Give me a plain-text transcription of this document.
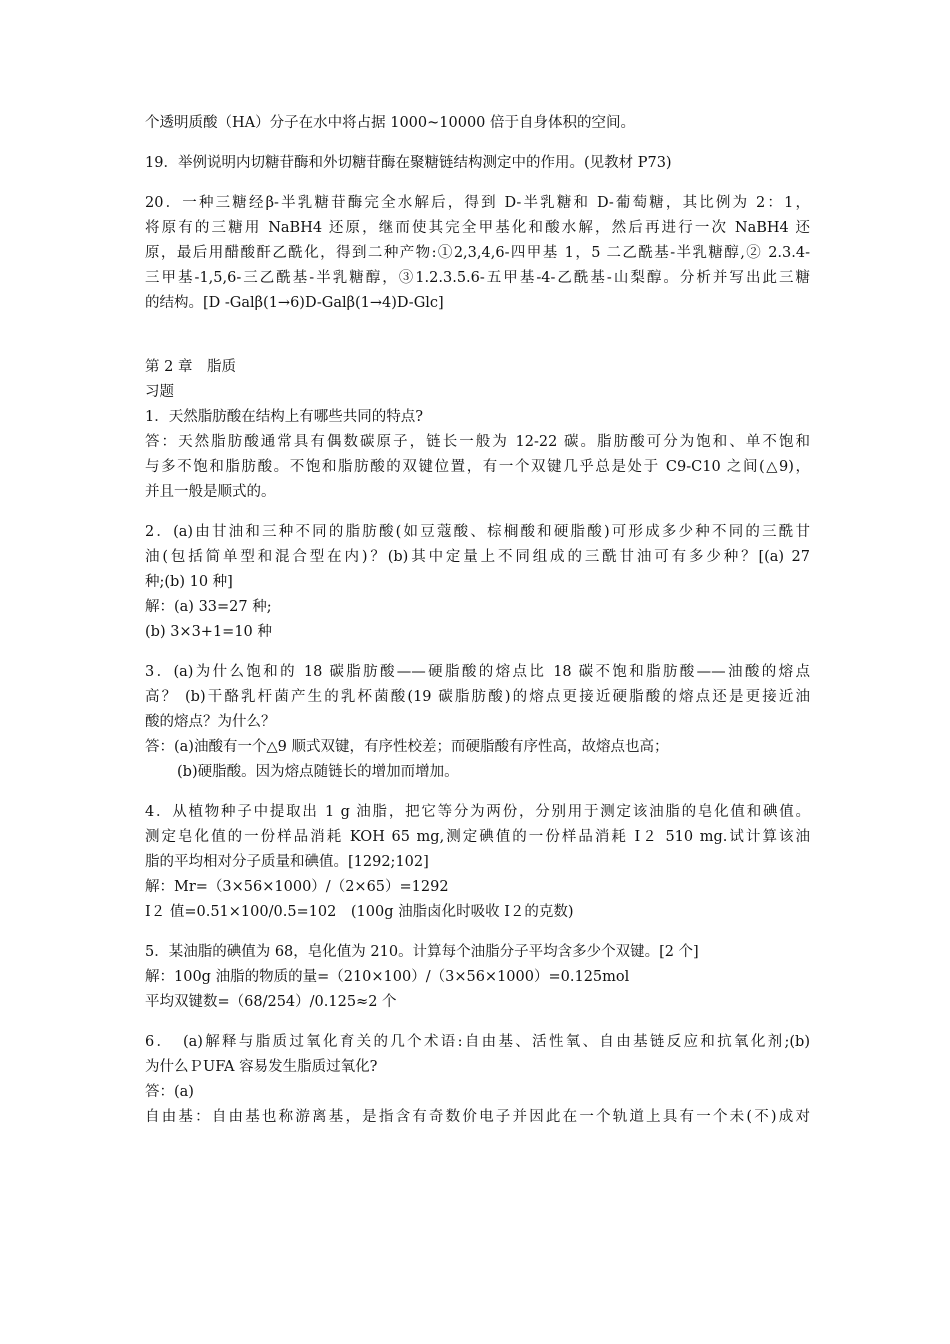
个透明质酸（HA）分子在水中将占据 1000~10000 倍于自身体积的空间。
19．举例说明内切糖苷酶和外切糖苷酶在聚糖链结构测定中的作用。(见教材 P73)
20．一种三糖经β-半乳糖苷酶完全水解后，得到 D-半乳糖和 D-葡萄糖，其比例为 2：1，
将原有的三糖用 NaBH4 还原，继而使其完全甲基化和酸水解，然后再进行一次 NaBH4 还
原，最后用醋酸酐乙酰化，得到二种产物:①2,3,4,6-四甲基 1，5 二乙酰基-半乳糖醇,② 2.3.4-
三甲基-1,5,6-三乙酰基-半乳糖醇，③1.2.3.5.6-五甲基-4-乙酰基-山梨醇。分析并写出此三糖
的结构。[D -Galβ(1→6)D-Galβ(1→4)D-Glc]
第 2 章　脂质
习题
1．天然脂肪酸在结构上有哪些共同的特点?
答：天然脂肪酸通常具有偶数碳原子，链长一般为 12-22 碳。脂肪酸可分为饱和、单不饱和
与多不饱和脂肪酸。不饱和脂肪酸的双键位置，有一个双键几乎总是处于 C9-C10 之间(△9)，
并且一般是顺式的。
2．(a)由甘油和三种不同的脂肪酸(如豆蔻酸、棕榈酸和硬脂酸)可形成多少种不同的三酰甘
油(包括简单型和混合型在内)？(b)其中定量上不同组成的三酰甘油可有多少种？[(a) 27
种;(b) 10 种]
解：(a) 33=27 种;
(b) 3×3+1=10 种
3．(a)为什么饱和的 18 碳脂肪酸——硬脂酸的熔点比 18 碳不饱和脂肪酸——油酸的熔点
高？ (b)干酪乳杆菌产生的乳杯菌酸(19 碳脂肪酸)的熔点更接近硬脂酸的熔点还是更接近油
酸的熔点？为什么？
答：(a)油酸有一个△9 顺式双键，有序性校差；而硬脂酸有序性高，故熔点也高；
(b)硬脂酸。因为熔点随链长的增加而增加。
4．从植物种子中提取出 1 g 油脂，把它等分为两份，分别用于测定该油脂的皂化值和碘值。
测定皂化值的一份样品消耗 KOH 65 mg,测定碘值的一份样品消耗 I２ 510 mg.试计算该油
脂的平均相对分子质量和碘值。[1292;102]
解：Mr=（3×56×1000）/（2×65）=1292
I２ 值=0.51×100/0.5=102　(100g 油脂卤化时吸收 I２的克数)
5．某油脂的碘值为 68，皂化值为 210。计算每个油脂分子平均含多少个双键。[2 个]
解：100g 油脂的物质的量=（210×100）/（3×56×1000）=0.125mol
平均双键数=（68/254）/0.125≈2 个
6．　(a)解释与脂质过氧化育关的几个术语:自由基、活性氧、自由基链反应和抗氧化剂;(b)
为什么ＰUFA 容易发生脂质过氧化?
答：(a)
自由基：自由基也称游离基，是指含有奇数价电子并因此在一个轨道上具有一个未(不)成对
